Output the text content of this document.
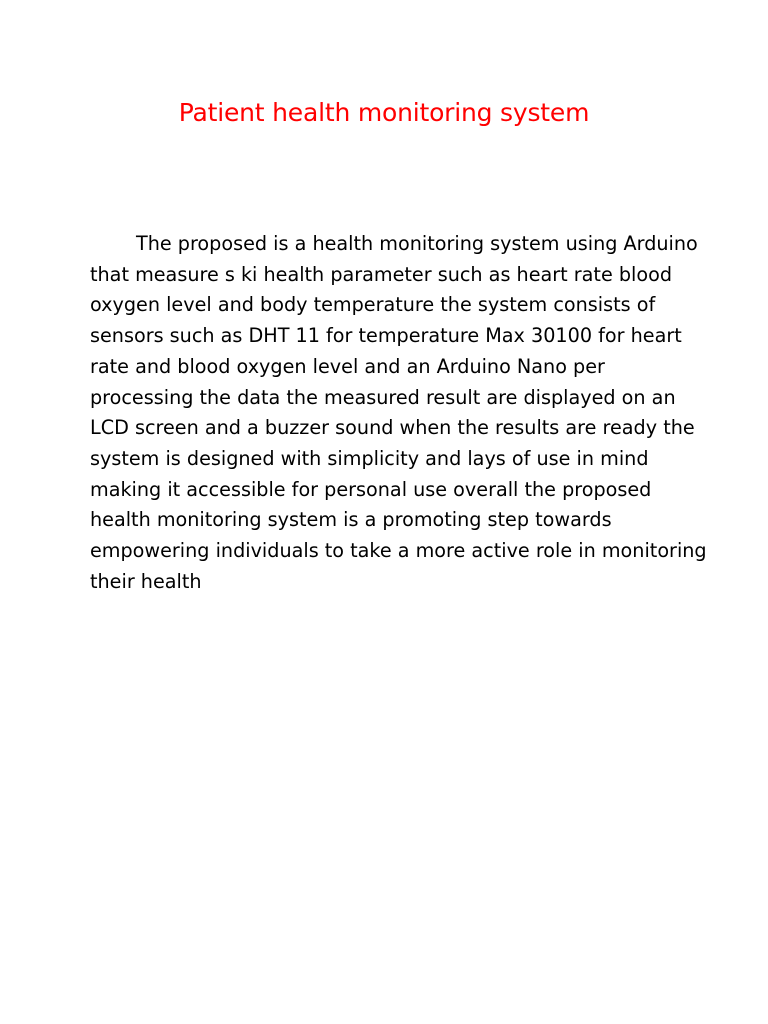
Patient health monitoring system
The proposed is a health monitoring system using Arduino
that measure s ki health parameter such as heart rate blood
oxygen level and body temperature the system consists of
sensors such as DHT 11 for temperature Max 30100 for heart
rate and blood oxygen level and an Arduino Nano per
processing the data the measured result are displayed on an
LCD screen and a buzzer sound when the results are ready the
system is designed with simplicity and lays of use in mind
making it accessible for personal use overall the proposed
health monitoring system is a promoting step towards
empowering individuals to take a more active role in monitoring
their health
